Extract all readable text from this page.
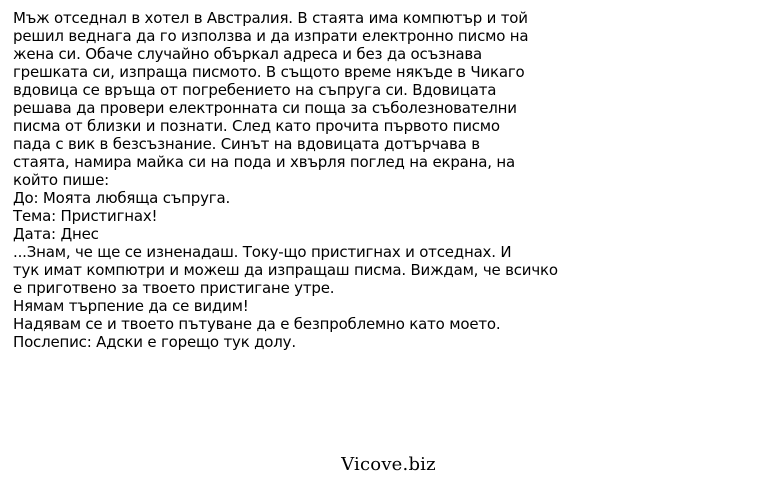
Мъж отседнал в хотел в Австралия. В стаята има компютър и той
решил веднага да го използва и да изпрати електронно писмо на
жена си. Обаче случайно объркал адреса и без да осъзнава
грешката си, изпраща писмото. В същото време някъде в Чикаго
вдовица се връща от погребението на съпруга си. Вдовицата
решава да провери електронната си поща за съболезнователни
писма от близки и познати. След като прочита първото писмо
пада с вик в безсъзнание. Синът на вдовицата дотърчава в
стаята, намира майка си на пода и хвърля поглед на екрана, на
който пише:
До: Моята любяща съпруга.
Тема: Пристигнах!
Дата: Днес
...Знам, че ще се изненадаш. Току-що пристигнах и отседнах. И
тук имат компютри и можеш да изпращаш писма. Виждам, че всичко
е приготвено за твоето пристигане утре.
Нямам търпение да се видим!
Надявам се и твоето пътуване да е безпроблемно като моето.
Послепис: Адски е горещо тук долу.
Vicove.biz
